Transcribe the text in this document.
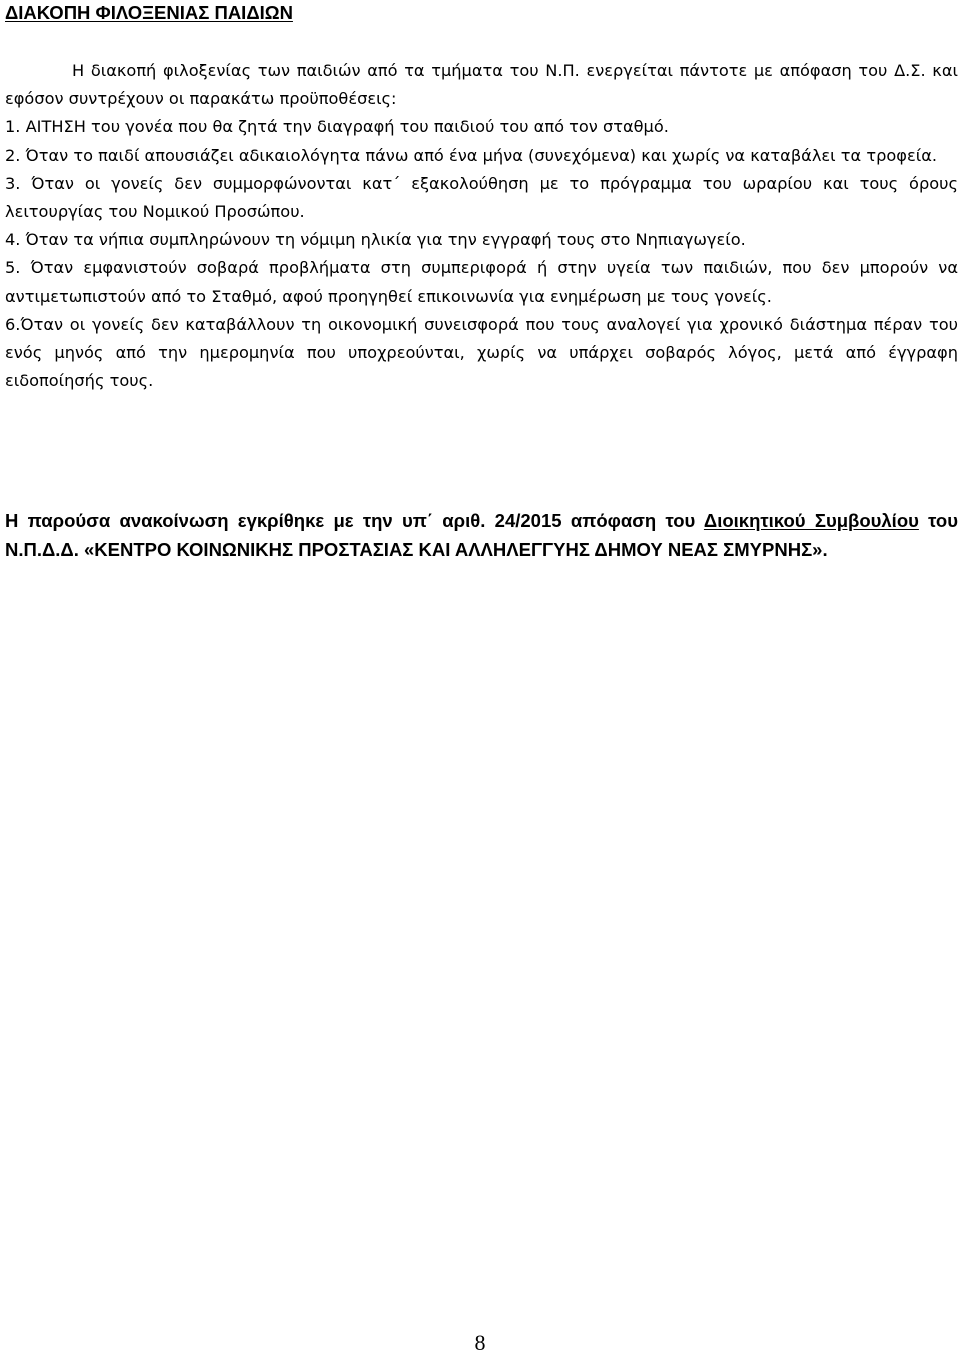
ΔΙΑΚΟΠΗ ΦΙΛΟΞΕΝΙΑΣ ΠΑΙΔΙΩΝ

Η διακοπή φιλοξενίας των παιδιών από τα τμήματα του Ν.Π. ενεργείται πάντοτε με απόφαση του Δ.Σ. και εφόσον συντρέχουν οι παρακάτω προϋποθέσεις:

1. ΑΙΤΗΣΗ του γονέα που θα ζητά την διαγραφή του παιδιού του από τον σταθμό.

2. Όταν το παιδί απουσιάζει αδικαιολόγητα πάνω από ένα μήνα (συνεχόμενα) και χωρίς να καταβάλει τα τροφεία.

3. Όταν οι γονείς δεν συμμορφώνονται κατ΄ εξακολούθηση με το πρόγραμμα του ωραρίου και τους όρους λειτουργίας του Νομικού Προσώπου.

4. Όταν τα νήπια συμπληρώνουν τη νόμιμη ηλικία για την εγγραφή τους στο Νηπιαγωγείο.

5. Όταν εμφανιστούν σοβαρά προβλήματα στη συμπεριφορά ή στην υγεία των παιδιών, που δεν μπορούν να αντιμετωπιστούν από το Σταθμό, αφού προηγηθεί επικοινωνία για ενημέρωση με τους γονείς.

6.Όταν οι γονείς δεν καταβάλλουν τη οικονομική συνεισφορά που τους αναλογεί για χρονικό διάστημα πέραν του ενός μηνός από την ημερομηνία που υποχρεούνται, χωρίς να υπάρχει σοβαρός λόγος, μετά από έγγραφη ειδοποίησής τους.

Η παρούσα ανακοίνωση εγκρίθηκε με την υπ΄ αριθ. 24/2015 απόφαση του Διοικητικού Συμβουλίου του Ν.Π.Δ.Δ. «ΚΕΝΤΡΟ ΚΟΙΝΩΝΙΚΗΣ ΠΡΟΣΤΑΣΙΑΣ ΚΑΙ ΑΛΛΗΛΕΓΓΥΗΣ ΔΗΜΟΥ ΝΕΑΣ ΣΜΥΡΝΗΣ».

8
